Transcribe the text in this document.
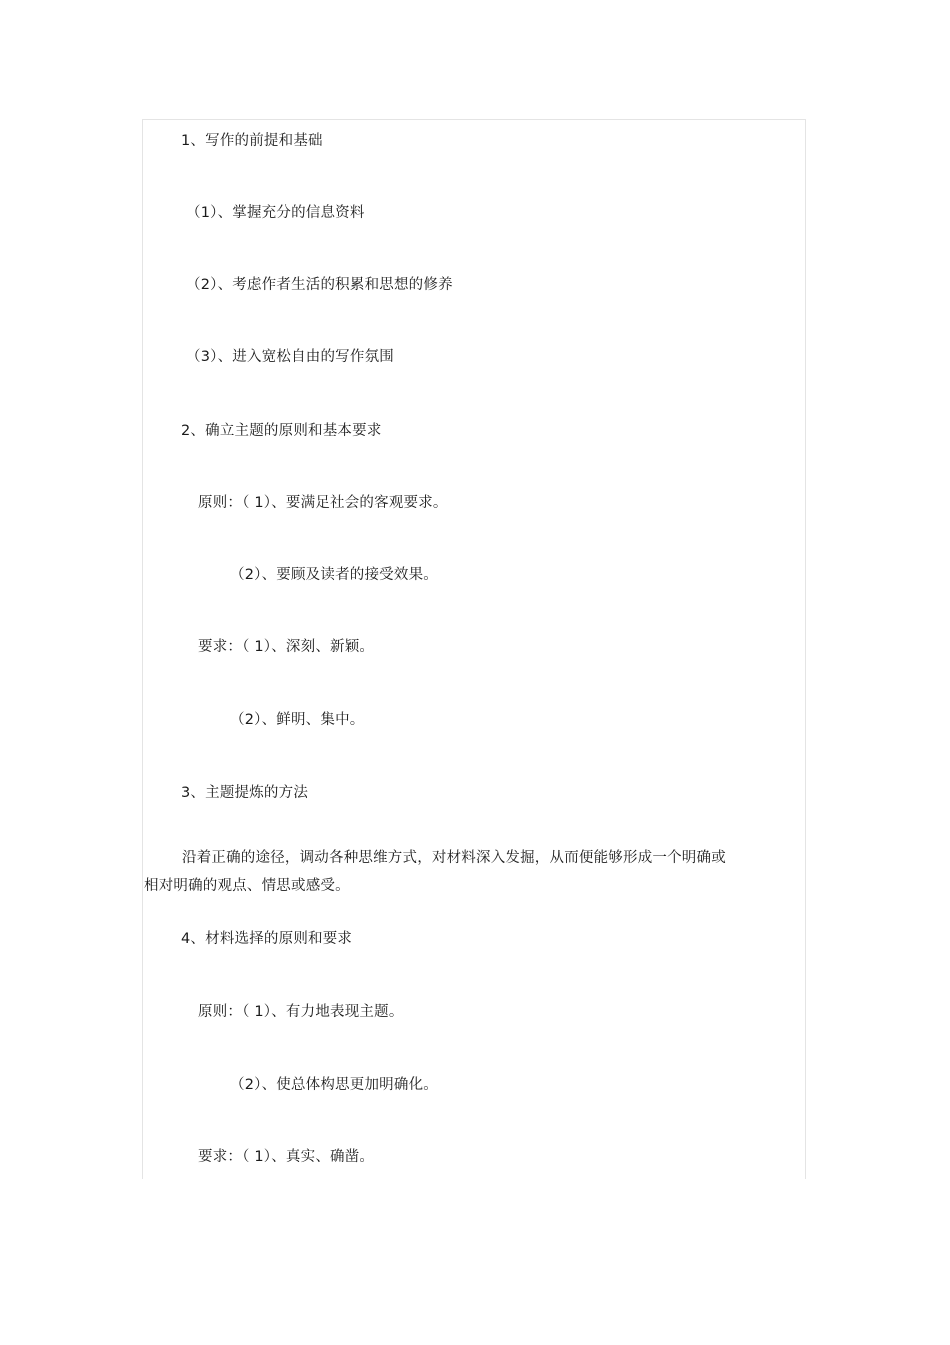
1、写作的前提和基础
（1）、掌握充分的信息资料
（2）、考虑作者生活的积累和思想的修养
（3）、进入宽松自由的写作氛围
2、确立主题的原则和基本要求
原则：（ 1）、要满足社会的客观要求。
（2）、要顾及读者的接受效果。
要求：（ 1）、深刻、新颖。
（2）、鲜明、集中。
3、主题提炼的方法
沿着正确的途径，调动各种思维方式，对材料深入发掘，从而便能够形成一个明确或
相对明确的观点、情思或感受。
4、材料选择的原则和要求
原则：（ 1）、有力地表现主题。
（2）、使总体构思更加明确化。
要求：（ 1）、真实、确凿。
